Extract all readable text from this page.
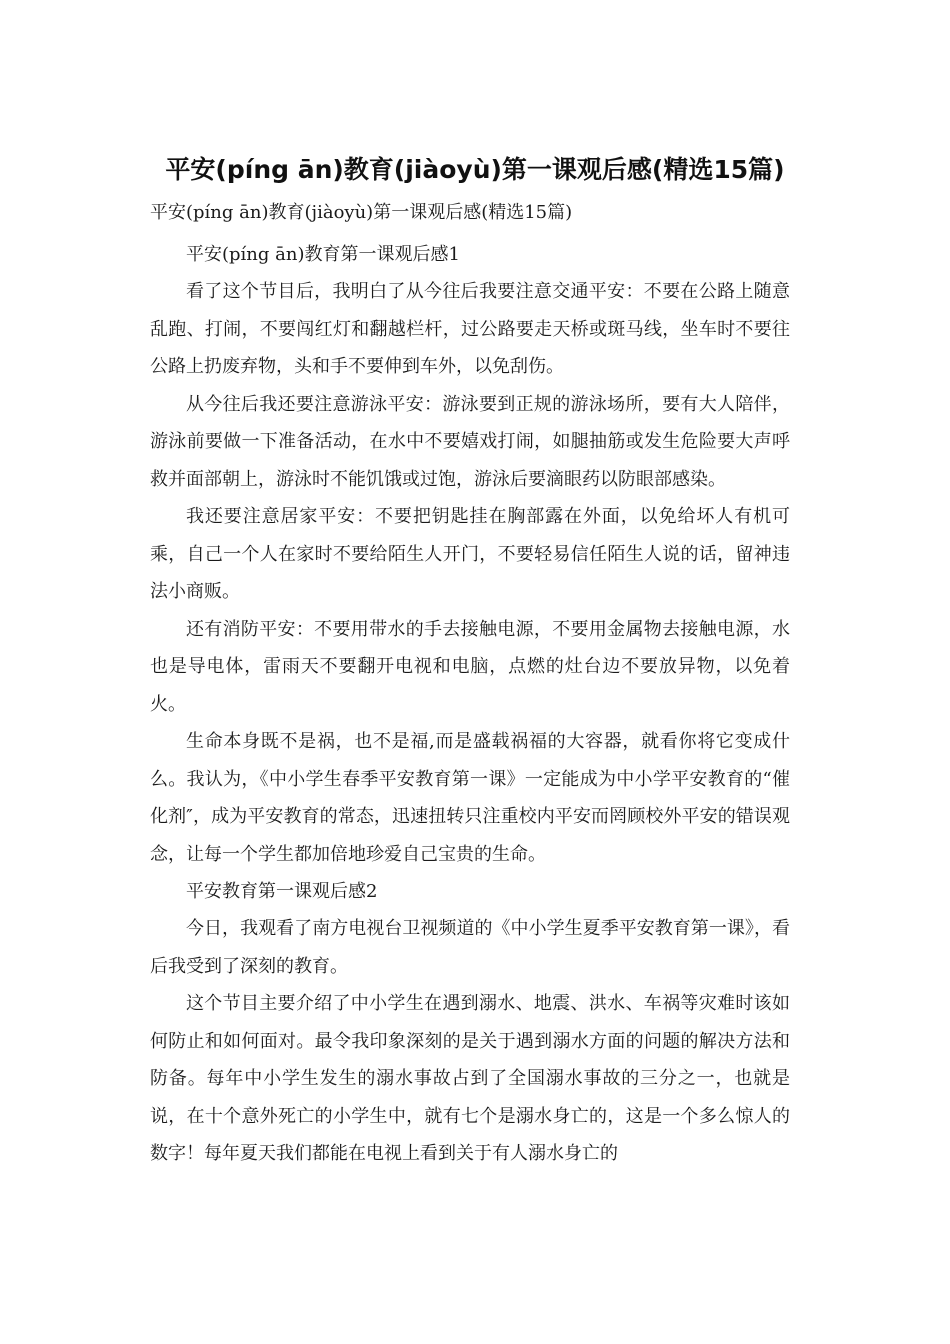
平安(píng ān)教育(jiàoyù)第一课观后感(精选15篇)

平安(píng ān)教育(jiàoyù)第一课观后感(精选15篇)

平安(píng ān)教育第一课观后感1

看了这个节目后，我明白了从今往后我要注意交通平安：不要在公路上随意乱跑、打闹，不要闯红灯和翻越栏杆，过公路要走天桥或斑马线，坐车时不要往公路上扔废弃物，头和手不要伸到车外，以免刮伤。

从今往后我还要注意游泳平安：游泳要到正规的游泳场所，要有大人陪伴，游泳前要做一下准备活动，在水中不要嬉戏打闹，如腿抽筋或发生危险要大声呼救并面部朝上，游泳时不能饥饿或过饱，游泳后要滴眼药以防眼部感染。

我还要注意居家平安：不要把钥匙挂在胸部露在外面，以免给坏人有机可乘，自己一个人在家时不要给陌生人开门，不要轻易信任陌生人说的话，留神违法小商贩。

还有消防平安：不要用带水的手去接触电源，不要用金属物去接触电源，水也是导电体，雷雨天不要翻开电视和电脑，点燃的灶台边不要放异物，以免着火。

生命本身既不是祸，也不是福,而是盛载祸福的大容器，就看你将它变成什么。我认为，《中小学生春季平安教育第一课》一定能成为中小学平安教育的“催化剂″，成为平安教育的常态，迅速扭转只注重校内平安而罔顾校外平安的错误观念，让每一个学生都加倍地珍爱自己宝贵的生命。

平安教育第一课观后感2

今日，我观看了南方电视台卫视频道的《中小学生夏季平安教育第一课》，看后我受到了深刻的教育。

这个节目主要介绍了中小学生在遇到溺水、地震、洪水、车祸等灾难时该如何防止和如何面对。最令我印象深刻的是关于遇到溺水方面的问题的解决方法和防备。每年中小学生发生的溺水事故占到了全国溺水事故的三分之一，也就是说，在十个意外死亡的小学生中，就有七个是溺水身亡的，这是一个多么惊人的数字！每年夏天我们都能在电视上看到关于有人溺水身亡的
